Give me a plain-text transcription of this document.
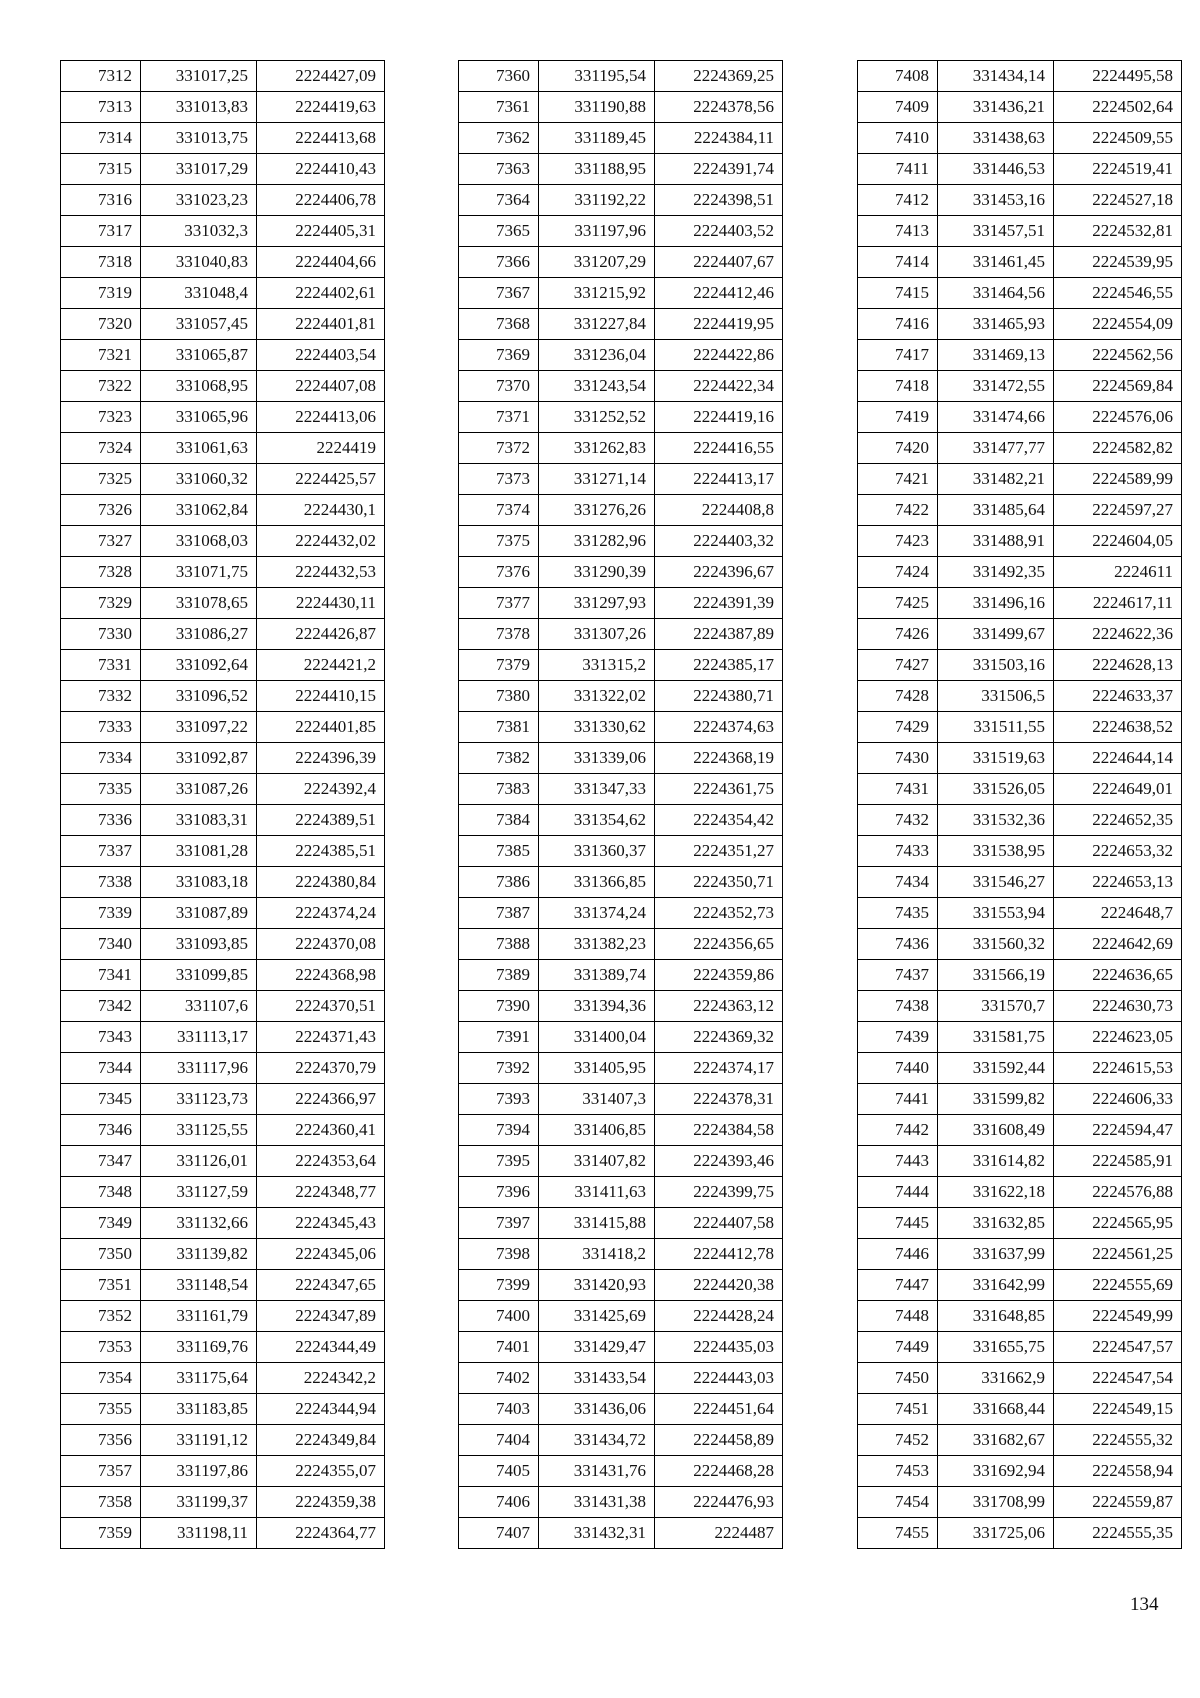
7312	331017,25	2224427,09
7313	331013,83	2224419,63
7314	331013,75	2224413,68
7315	331017,29	2224410,43
7316	331023,23	2224406,78
7317	331032,3	2224405,31
7318	331040,83	2224404,66
7319	331048,4	2224402,61
7320	331057,45	2224401,81
7321	331065,87	2224403,54
7322	331068,95	2224407,08
7323	331065,96	2224413,06
7324	331061,63	2224419
7325	331060,32	2224425,57
7326	331062,84	2224430,1
7327	331068,03	2224432,02
7328	331071,75	2224432,53
7329	331078,65	2224430,11
7330	331086,27	2224426,87
7331	331092,64	2224421,2
7332	331096,52	2224410,15
7333	331097,22	2224401,85
7334	331092,87	2224396,39
7335	331087,26	2224392,4
7336	331083,31	2224389,51
7337	331081,28	2224385,51
7338	331083,18	2224380,84
7339	331087,89	2224374,24
7340	331093,85	2224370,08
7341	331099,85	2224368,98
7342	331107,6	2224370,51
7343	331113,17	2224371,43
7344	331117,96	2224370,79
7345	331123,73	2224366,97
7346	331125,55	2224360,41
7347	331126,01	2224353,64
7348	331127,59	2224348,77
7349	331132,66	2224345,43
7350	331139,82	2224345,06
7351	331148,54	2224347,65
7352	331161,79	2224347,89
7353	331169,76	2224344,49
7354	331175,64	2224342,2
7355	331183,85	2224344,94
7356	331191,12	2224349,84
7357	331197,86	2224355,07
7358	331199,37	2224359,38
7359	331198,11	2224364,77
7360	331195,54	2224369,25
7361	331190,88	2224378,56
7362	331189,45	2224384,11
7363	331188,95	2224391,74
7364	331192,22	2224398,51
7365	331197,96	2224403,52
7366	331207,29	2224407,67
7367	331215,92	2224412,46
7368	331227,84	2224419,95
7369	331236,04	2224422,86
7370	331243,54	2224422,34
7371	331252,52	2224419,16
7372	331262,83	2224416,55
7373	331271,14	2224413,17
7374	331276,26	2224408,8
7375	331282,96	2224403,32
7376	331290,39	2224396,67
7377	331297,93	2224391,39
7378	331307,26	2224387,89
7379	331315,2	2224385,17
7380	331322,02	2224380,71
7381	331330,62	2224374,63
7382	331339,06	2224368,19
7383	331347,33	2224361,75
7384	331354,62	2224354,42
7385	331360,37	2224351,27
7386	331366,85	2224350,71
7387	331374,24	2224352,73
7388	331382,23	2224356,65
7389	331389,74	2224359,86
7390	331394,36	2224363,12
7391	331400,04	2224369,32
7392	331405,95	2224374,17
7393	331407,3	2224378,31
7394	331406,85	2224384,58
7395	331407,82	2224393,46
7396	331411,63	2224399,75
7397	331415,88	2224407,58
7398	331418,2	2224412,78
7399	331420,93	2224420,38
7400	331425,69	2224428,24
7401	331429,47	2224435,03
7402	331433,54	2224443,03
7403	331436,06	2224451,64
7404	331434,72	2224458,89
7405	331431,76	2224468,28
7406	331431,38	2224476,93
7407	331432,31	2224487
7408	331434,14	2224495,58
7409	331436,21	2224502,64
7410	331438,63	2224509,55
7411	331446,53	2224519,41
7412	331453,16	2224527,18
7413	331457,51	2224532,81
7414	331461,45	2224539,95
7415	331464,56	2224546,55
7416	331465,93	2224554,09
7417	331469,13	2224562,56
7418	331472,55	2224569,84
7419	331474,66	2224576,06
7420	331477,77	2224582,82
7421	331482,21	2224589,99
7422	331485,64	2224597,27
7423	331488,91	2224604,05
7424	331492,35	2224611
7425	331496,16	2224617,11
7426	331499,67	2224622,36
7427	331503,16	2224628,13
7428	331506,5	2224633,37
7429	331511,55	2224638,52
7430	331519,63	2224644,14
7431	331526,05	2224649,01
7432	331532,36	2224652,35
7433	331538,95	2224653,32
7434	331546,27	2224653,13
7435	331553,94	2224648,7
7436	331560,32	2224642,69
7437	331566,19	2224636,65
7438	331570,7	2224630,73
7439	331581,75	2224623,05
7440	331592,44	2224615,53
7441	331599,82	2224606,33
7442	331608,49	2224594,47
7443	331614,82	2224585,91
7444	331622,18	2224576,88
7445	331632,85	2224565,95
7446	331637,99	2224561,25
7447	331642,99	2224555,69
7448	331648,85	2224549,99
7449	331655,75	2224547,57
7450	331662,9	2224547,54
7451	331668,44	2224549,15
7452	331682,67	2224555,32
7453	331692,94	2224558,94
7454	331708,99	2224559,87
7455	331725,06	2224555,35
134
